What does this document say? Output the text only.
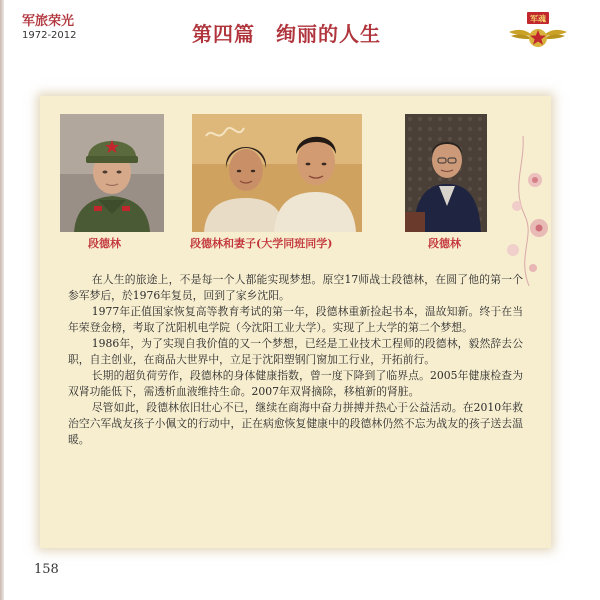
军旅荣光
1972-2012	第四篇　绚丽的人生
军魂
段德林	段德林和妻子(大学同班同学)	段德林

在人生的旅途上，不是每一个人都能实现梦想。原空17师战士段德林，在圆了他的第一个参军梦后，於1976年复员，回到了家乡沈阳。

1977年正值国家恢复高等教育考试的第一年，段德林重新捡起书本，温故知新。终于在当年荣登金榜，考取了沈阳机电学院（今沈阳工业大学）。实现了上大学的第二个梦想。

1986年，为了实现自我价值的又一个梦想，已经是工业技术工程师的段德林，毅然辞去公职，自主创业，在商品大世界中，立足于沈阳塑钢门窗加工行业，开拓前行。

长期的超负荷劳作，段德林的身体健康指数，曾一度下降到了临界点。2005年健康检查为双肾功能低下，需透析血液维持生命。2007年双肾摘除，移植新的肾脏。

尽管如此，段德林依旧壮心不已，继续在商海中奋力拼搏并热心于公益活动。在2010年救治空六军战友孩子小佩文的行动中，正在病愈恢复健康中的段德林仍然不忘为战友的孩子送去温暖。

158
